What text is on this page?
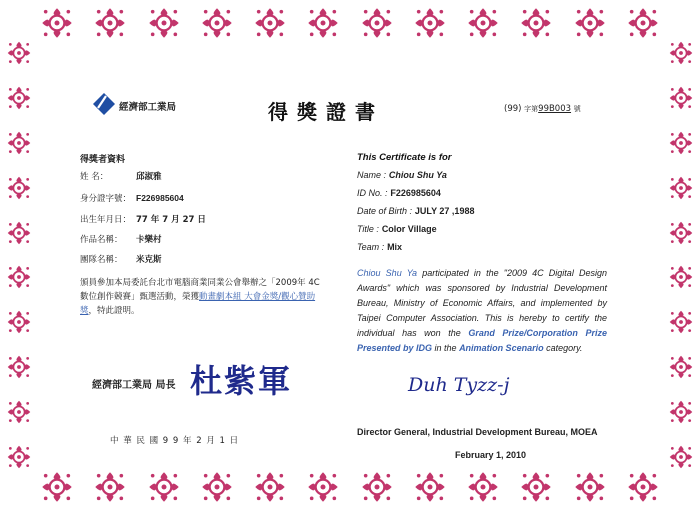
經濟部工業局	得獎證書	(99) 字第99B003 號
得獎者資料
姓 名：	邱淑雅
身分證字號： F226985604
出生年月日： 77 年 7 月 27 日
作品名稱： 卡樂村
團隊名稱： 米克斯
頒員參加本局委託台北市電腦商業同業公會舉辦之「2009年 4C 數位創作競賽」甄選活動，榮獲動畫劇本組 大會金獎/觀心贊助獎，特此證明。
經濟部工業局 局長 杜紫軍
中 華 民 國 9 9 年 2 月 1 日
This Certificate is for
Name : Chiou Shu Ya
ID No. : F226985604
Date of Birth : JULY 27 ,1988
Title : Color Village
Team : Mix
Chiou Shu Ya participated in the "2009 4C Digital Design Awards" which was sponsored by Industrial Development Bureau, Ministry of Economic Affairs, and implemented by Taipei Computer Association. This is hereby to certify the individual has won the Grand Prize/Corporation Prize Presented by IDG in the Animation Scenario category.
Duh Tyzz-j
Director General, Industrial Development Bureau, MOEA
February 1, 2010
